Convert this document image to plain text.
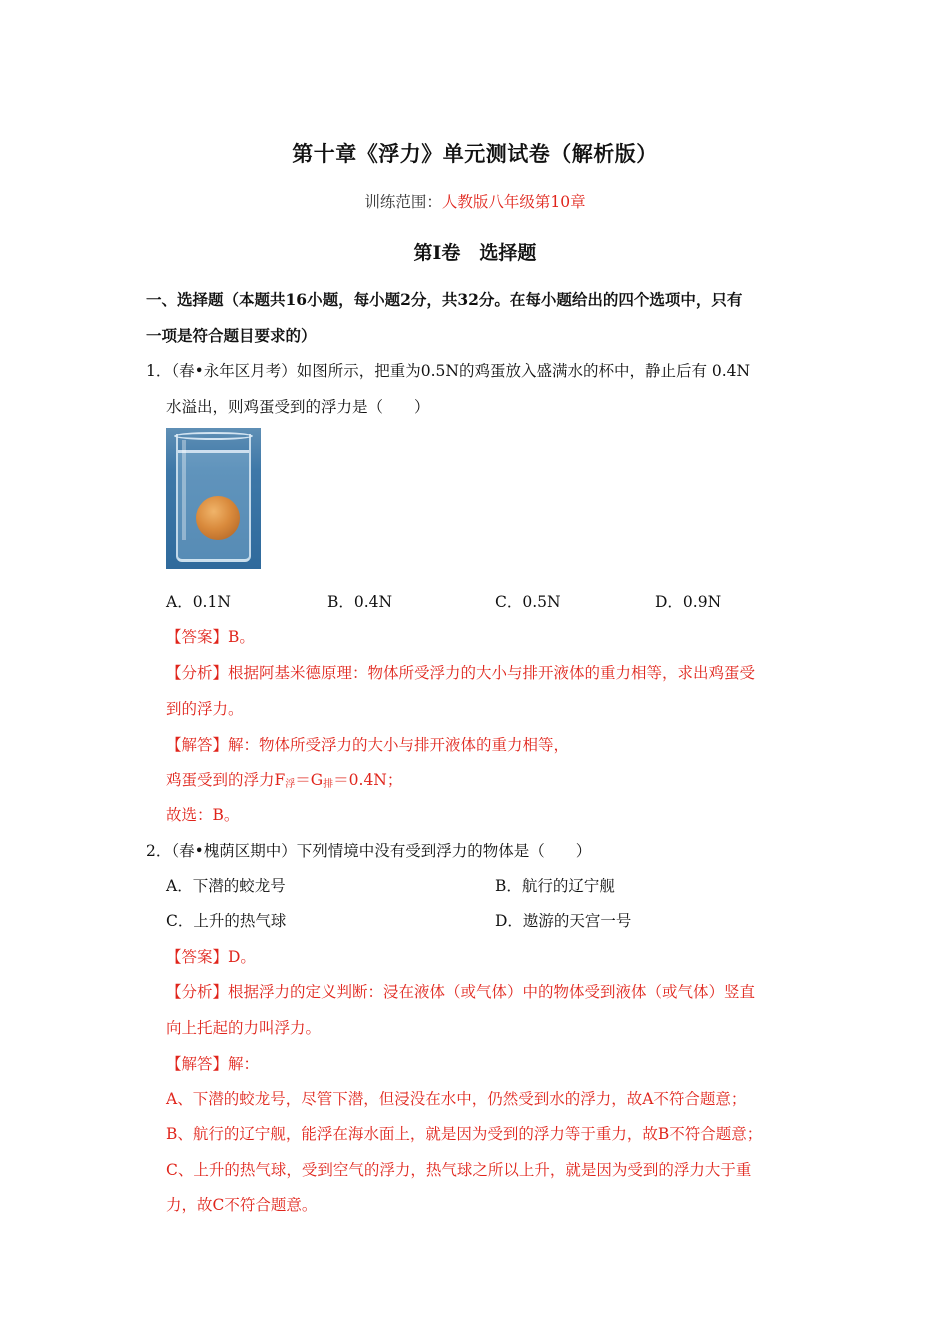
第十章《浮力》单元测试卷（解析版）
训练范围：人教版八年级第10章
第Ⅰ卷　选择题
一、选择题（本题共16小题，每小题2分，共32分。在每小题给出的四个选项中，只有
一项是符合题目要求的）
1．（春•永年区月考）如图所示，把重为0.5N的鸡蛋放入盛满水的杯中，静止后有 0.4N
水溢出，则鸡蛋受到的浮力是（　　）
A．0.1N	B．0.4N	C．0.5N	D．0.9N
【答案】B。
【分析】根据阿基米德原理：物体所受浮力的大小与排开液体的重力相等，求出鸡蛋受
到的浮力。
【解答】解：物体所受浮力的大小与排开液体的重力相等，
鸡蛋受到的浮力$F_浮=G_排=0.4N$；
故选：B。
2．（春•槐荫区期中）下列情境中没有受到浮力的物体是（　　）
A．下潜的蛟龙号	B．航行的辽宁舰
C．上升的热气球	D．遨游的天宫一号
【答案】D。
【分析】根据浮力的定义判断：浸在液体（或气体）中的物体受到液体（或气体）竖直
向上托起的力叫浮力。
【解答】解：
A、下潜的蛟龙号，尽管下潜，但浸没在水中，仍然受到水的浮力，故A不符合题意；
B、航行的辽宁舰，能浮在海水面上，就是因为受到的浮力等于重力，故B不符合题意；
C、上升的热气球，受到空气的浮力，热气球之所以上升，就是因为受到的浮力大于重
力，故C不符合题意。
